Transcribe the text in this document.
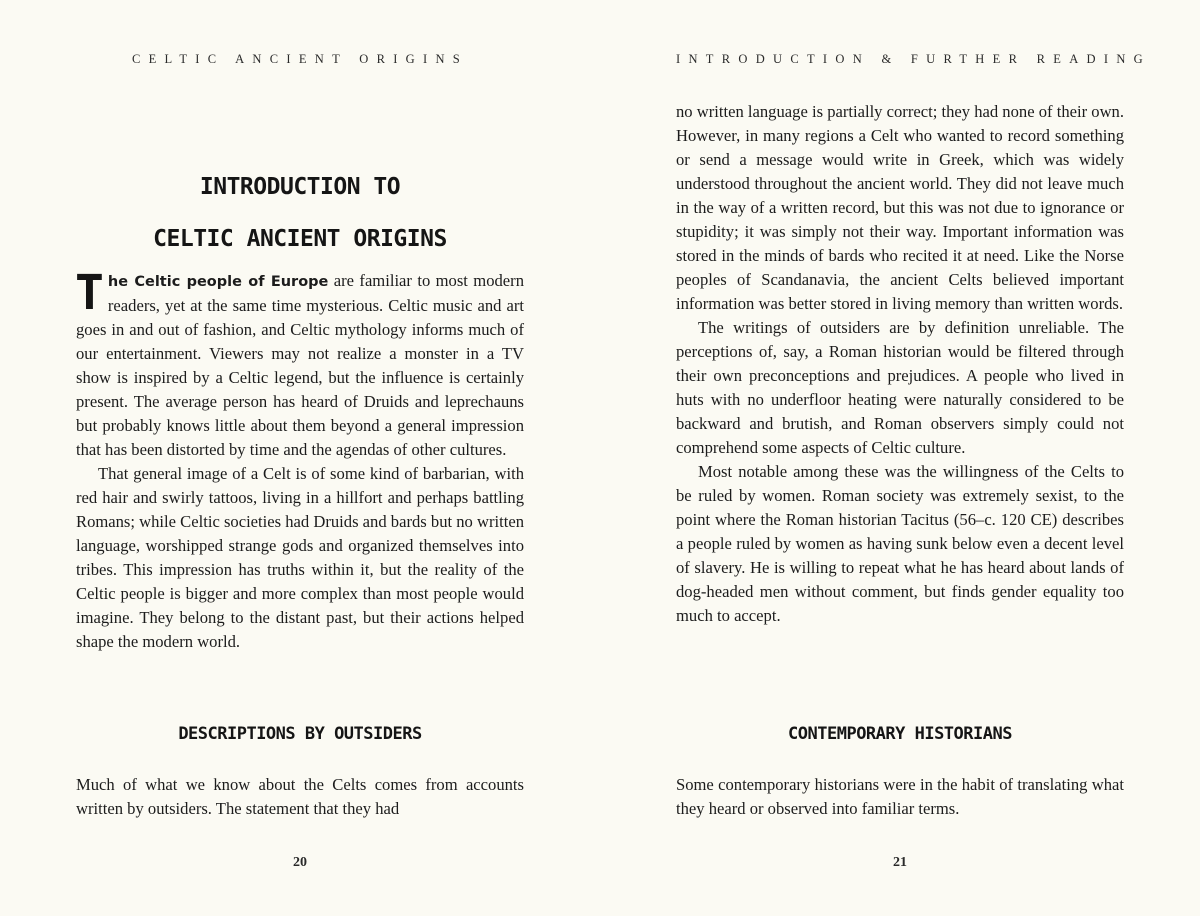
CELTIC ANCIENT ORIGINS
INTRODUCTION TO
CELTIC ANCIENT ORIGINS

The Celtic people of Europe are familiar to most modern readers, yet at the same time mysterious. Celtic music and art goes in and out of fashion, and Celtic mythology informs much of our entertainment. Viewers may not realize a monster in a TV show is inspired by a Celtic legend, but the influence is certainly present. The average person has heard of Druids and leprechauns but probably knows little about them beyond a general impression that has been distorted by time and the agendas of other cultures.

That general image of a Celt is of some kind of barbarian, with red hair and swirly tattoos, living in a hillfort and perhaps battling Romans; while Celtic societies had Druids and bards but no written language, worshipped strange gods and organized themselves into tribes. This impression has truths within it, but the reality of the Celtic people is bigger and more complex than most people would imagine. They belong to the distant past, but their actions helped shape the modern world.

DESCRIPTIONS BY OUTSIDERS

Much of what we know about the Celts comes from accounts written by outsiders. The statement that they had

20
INTRODUCTION & FURTHER READING

no written language is partially correct; they had none of their own. However, in many regions a Celt who wanted to record something or send a message would write in Greek, which was widely understood throughout the ancient world. They did not leave much in the way of a written record, but this was not due to ignorance or stupidity; it was simply not their way. Important information was stored in the minds of bards who recited it at need. Like the Norse peoples of Scandanavia, the ancient Celts believed important information was better stored in living memory than written words.

The writings of outsiders are by definition unreliable. The perceptions of, say, a Roman historian would be filtered through their own preconceptions and prejudices. A people who lived in huts with no underfloor heating were naturally considered to be backward and brutish, and Roman observers simply could not comprehend some aspects of Celtic culture.

Most notable among these was the willingness of the Celts to be ruled by women. Roman society was extremely sexist, to the point where the Roman historian Tacitus (56–c. 120 CE) describes a people ruled by women as having sunk below even a decent level of slavery. He is willing to repeat what he has heard about lands of dog-headed men without comment, but finds gender equality too much to accept.

CONTEMPORARY HISTORIANS

Some contemporary historians were in the habit of translating what they heard or observed into familiar terms.

21
